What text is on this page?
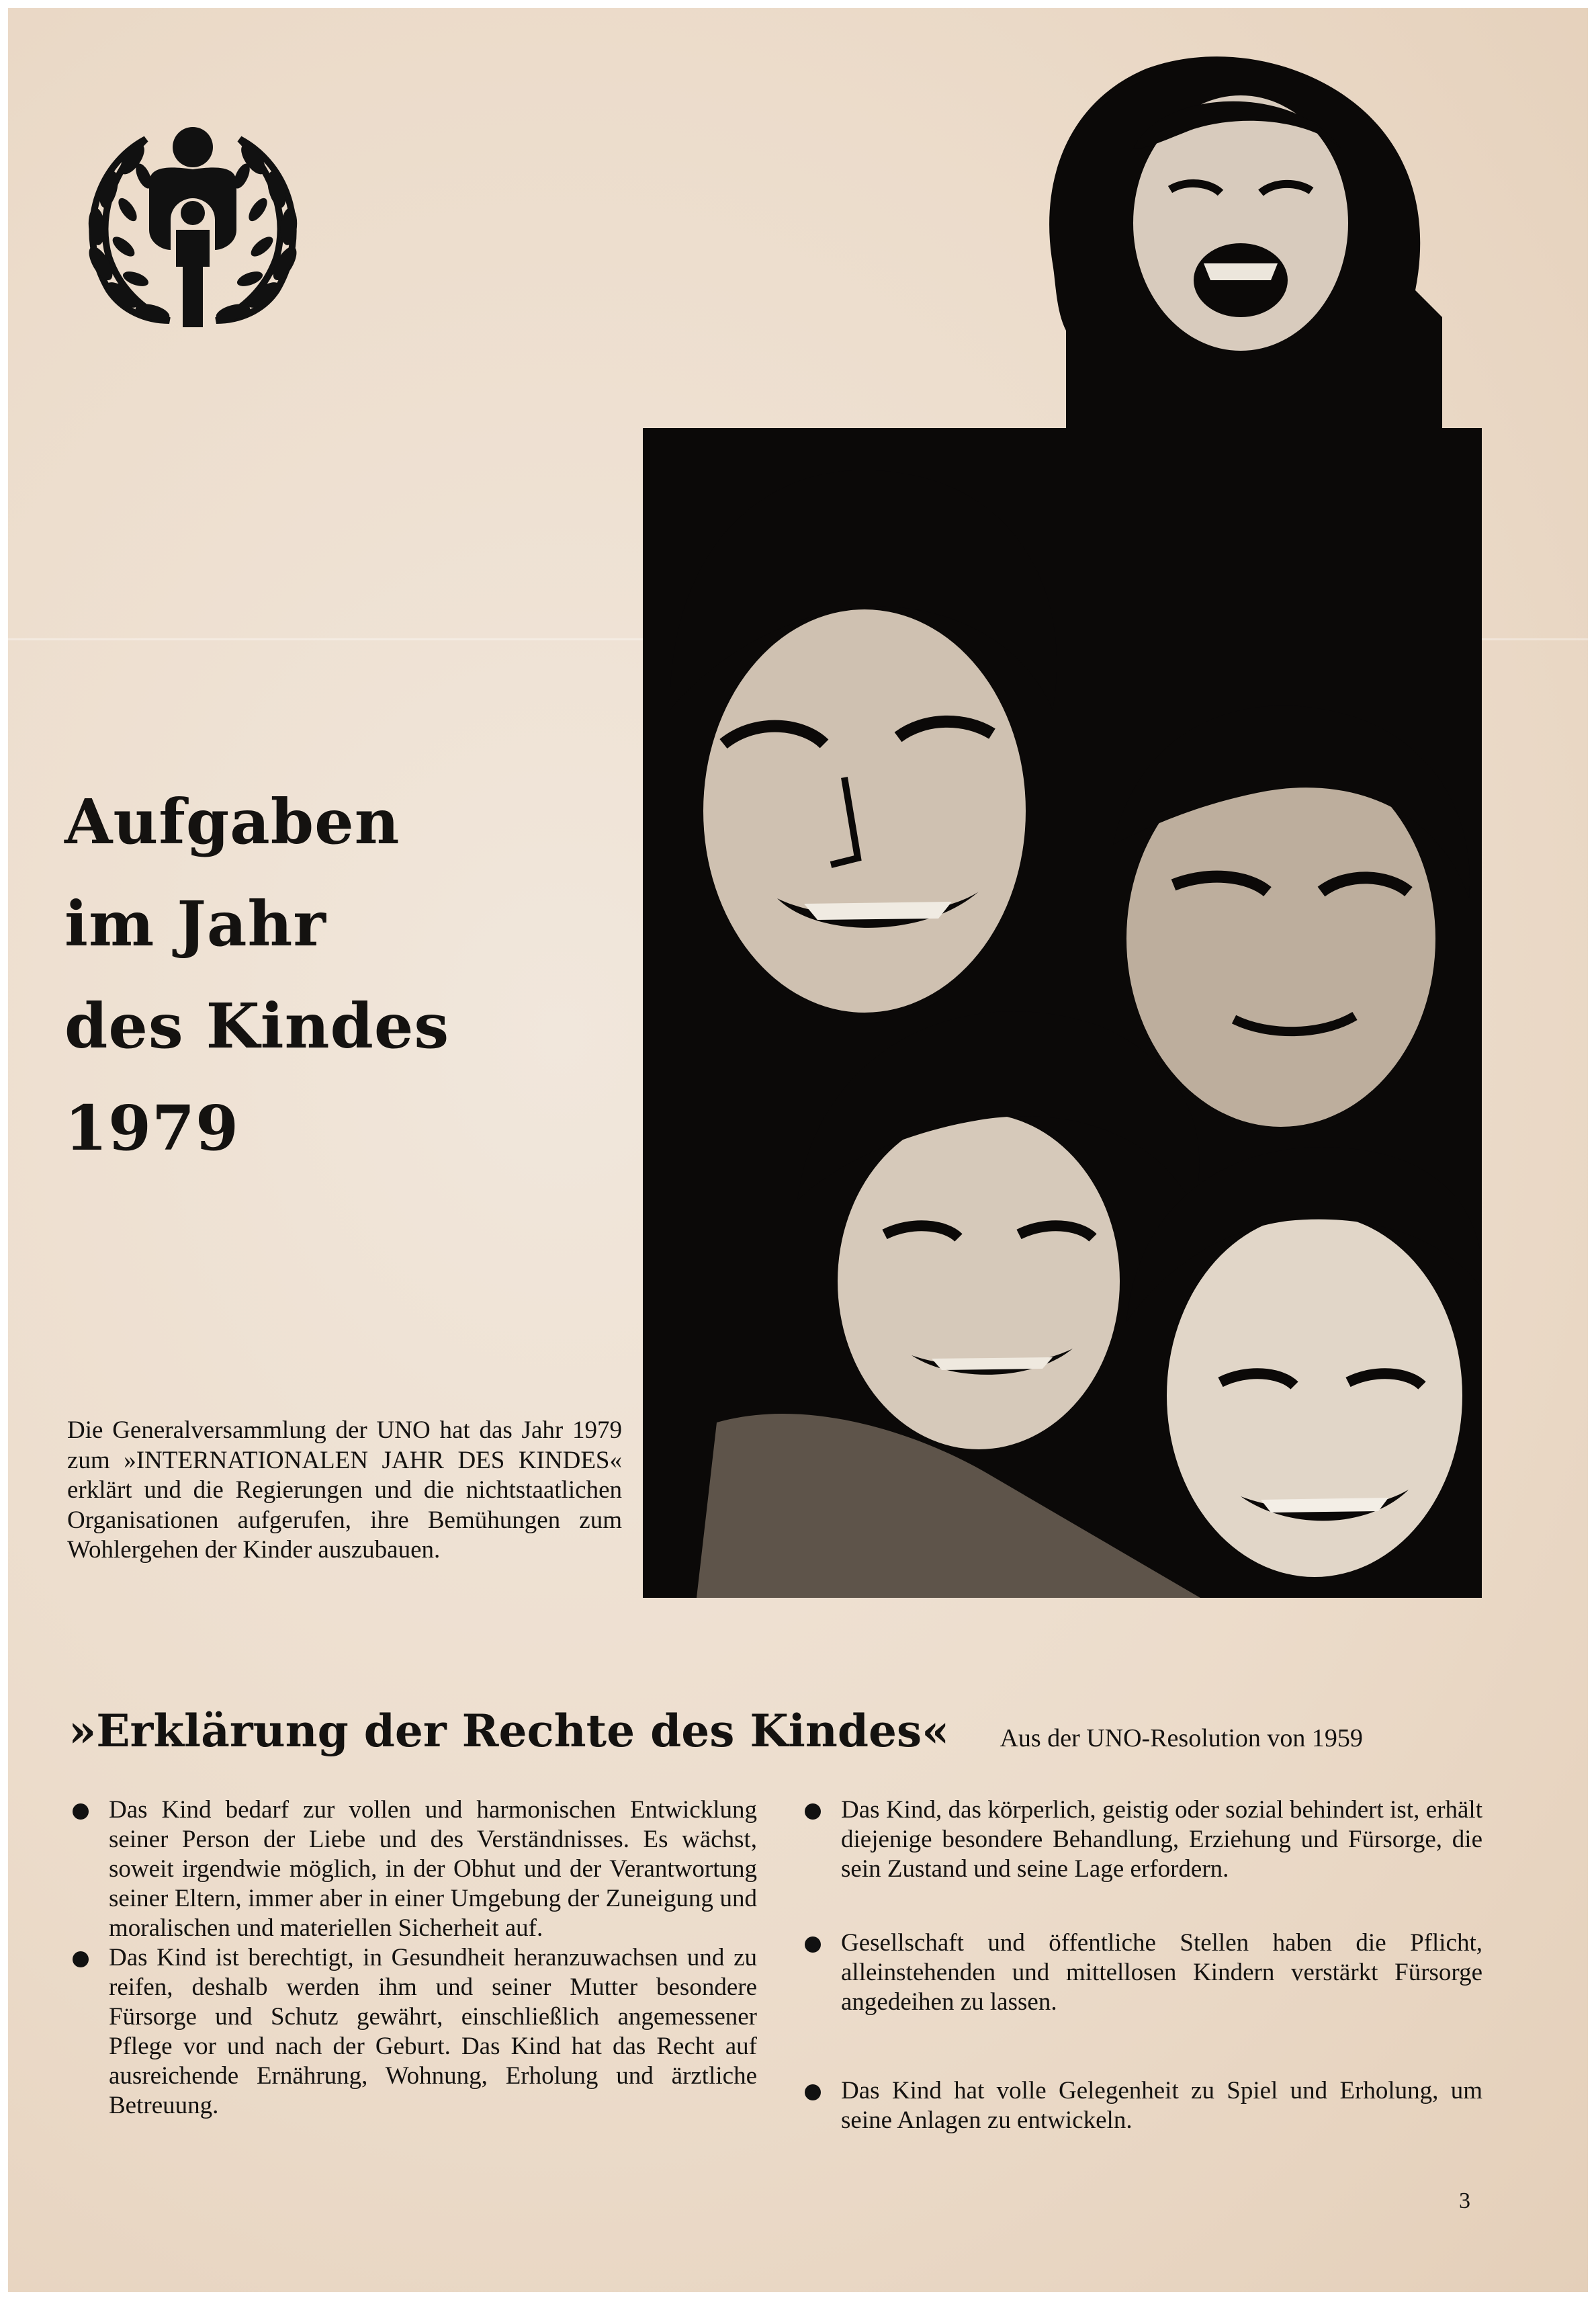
Aufgaben
im Jahr
des Kindes
1979
Die Generalversammlung der UNO hat das Jahr 1979 zum »INTERNATIONALEN JAHR DES KINDES« erklärt und die Regierungen und die nichtstaatlichen Organisationen aufgerufen, ihre Bemühungen zum Wohlergehen der Kinder auszubauen.
»Erklärung der Rechte des Kindes« Aus der UNO-Resolution von 1959
Das Kind bedarf zur vollen und harmonischen Entwicklung seiner Person der Liebe und des Verständnisses. Es wächst, soweit irgendwie möglich, in der Obhut und der Verantwortung seiner Eltern, immer aber in einer Umgebung der Zuneigung und moralischen und materiellen Sicherheit auf.
Das Kind ist berechtigt, in Gesundheit heranzuwachsen und zu reifen, deshalb werden ihm und seiner Mutter besondere Fürsorge und Schutz gewährt, einschließlich angemessener Pflege vor und nach der Geburt. Das Kind hat das Recht auf ausreichende Ernährung, Wohnung, Erholung und ärztliche Betreuung.
Das Kind, das körperlich, geistig oder sozial behindert ist, erhält diejenige besondere Behandlung, Erziehung und Fürsorge, die sein Zustand und seine Lage erfordern.
Gesellschaft und öffentliche Stellen haben die Pflicht, alleinstehenden und mittellosen Kindern verstärkt Fürsorge angedeihen zu lassen.
Das Kind hat volle Gelegenheit zu Spiel und Erholung, um seine Anlagen zu entwickeln.
3
